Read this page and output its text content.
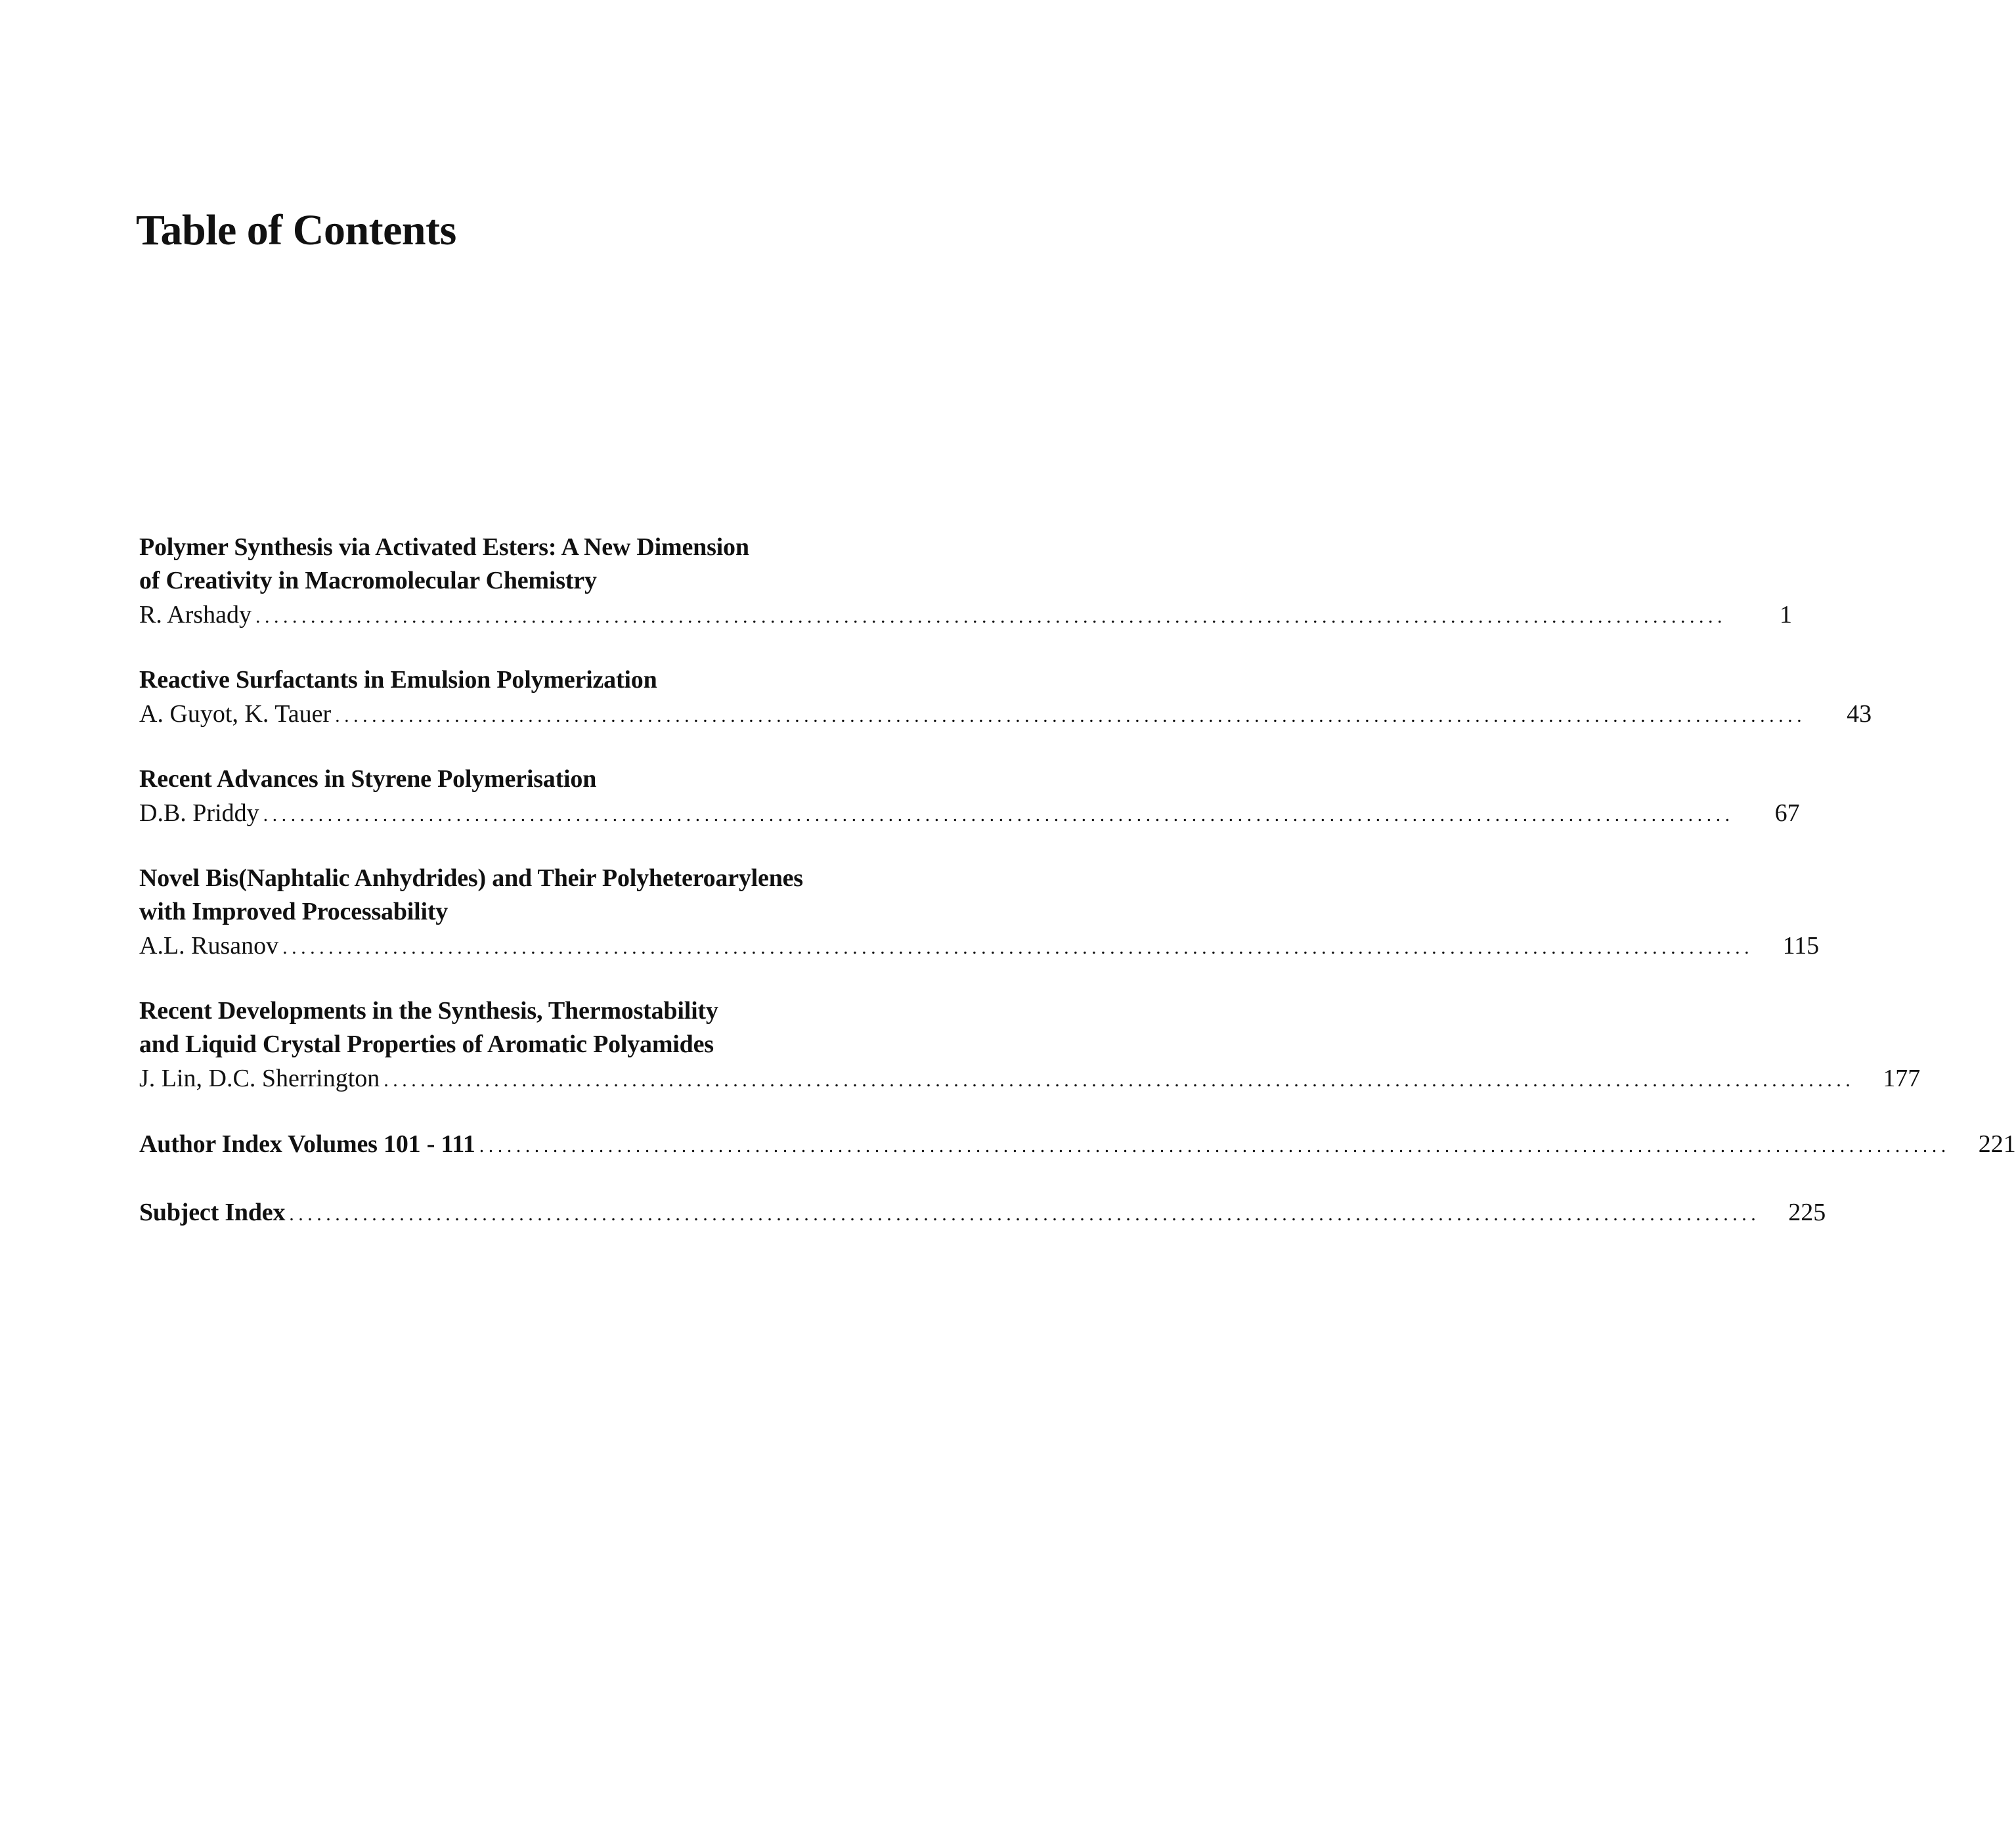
Table of Contents
Polymer Synthesis via Activated Esters: A New Dimension
of Creativity in Macromolecular Chemistry
R. Arshady ................................................................................................................................................................	1
Reactive Surfactants in Emulsion Polymerization
A. Guyot, K. Tauer ................................................................................................................................................................	43
Recent Advances in Styrene Polymerisation
D.B. Priddy ................................................................................................................................................................	67
Novel Bis(Naphtalic Anhydrides) and Their Polyheteroarylenes
with Improved Processability
A.L. Rusanov ................................................................................................................................................................ 115
Recent Developments in the Synthesis, Thermostability
and Liquid Crystal Properties of Aromatic Polyamides
J. Lin, D.C. Sherrington ................................................................................................................................................................ 177
Author Index Volumes 101 - 111 ................................................................................................................................................................ 221
Subject Index ................................................................................................................................................................ 225
